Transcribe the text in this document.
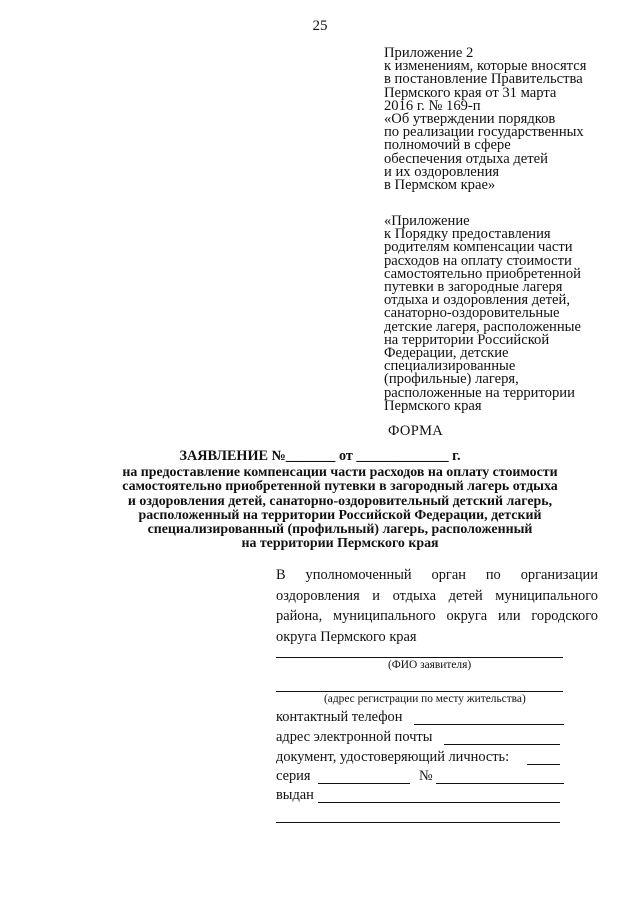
25
Приложение 2
к изменениям, которые вносятся
в постановление Правительства
Пермского края от 31 марта
2016 г. № 169-п
«Об утверждении порядков
по реализации государственных
полномочий в сфере
обеспечения отдыха детей
и их оздоровления
в Пермском крае»
«Приложение
к Порядку предоставления
родителям компенсации части
расходов на оплату стоимости
самостоятельно приобретенной
путевки в загородные лагеря
отдыха и оздоровления детей,
санаторно-оздоровительные
детские лагеря, расположенные
на территории Российской
Федерации, детские
специализированные
(профильные) лагеря,
расположенные на территории
Пермского края
ФОРМА
ЗАЯВЛЕНИЕ №_______ от _____________ г.
на предоставление компенсации части расходов на оплату стоимости
самостоятельно приобретенной путевки в загородный лагерь отдыха
и оздоровления детей, санаторно-оздоровительный детский лагерь,
расположенный на территории Российской Федерации, детский
специализированный (профильный) лагерь, расположенный
на территории Пермского края
В уполномоченный орган по организации
оздоровления и отдыха детей муниципального
района, муниципального округа или городского
округа Пермского края
(ФИО заявителя)
(адрес регистрации по месту жительства)
контактный телефон
адрес электронной почты
документ, удостоверяющий личность:
серия	№
выдан
